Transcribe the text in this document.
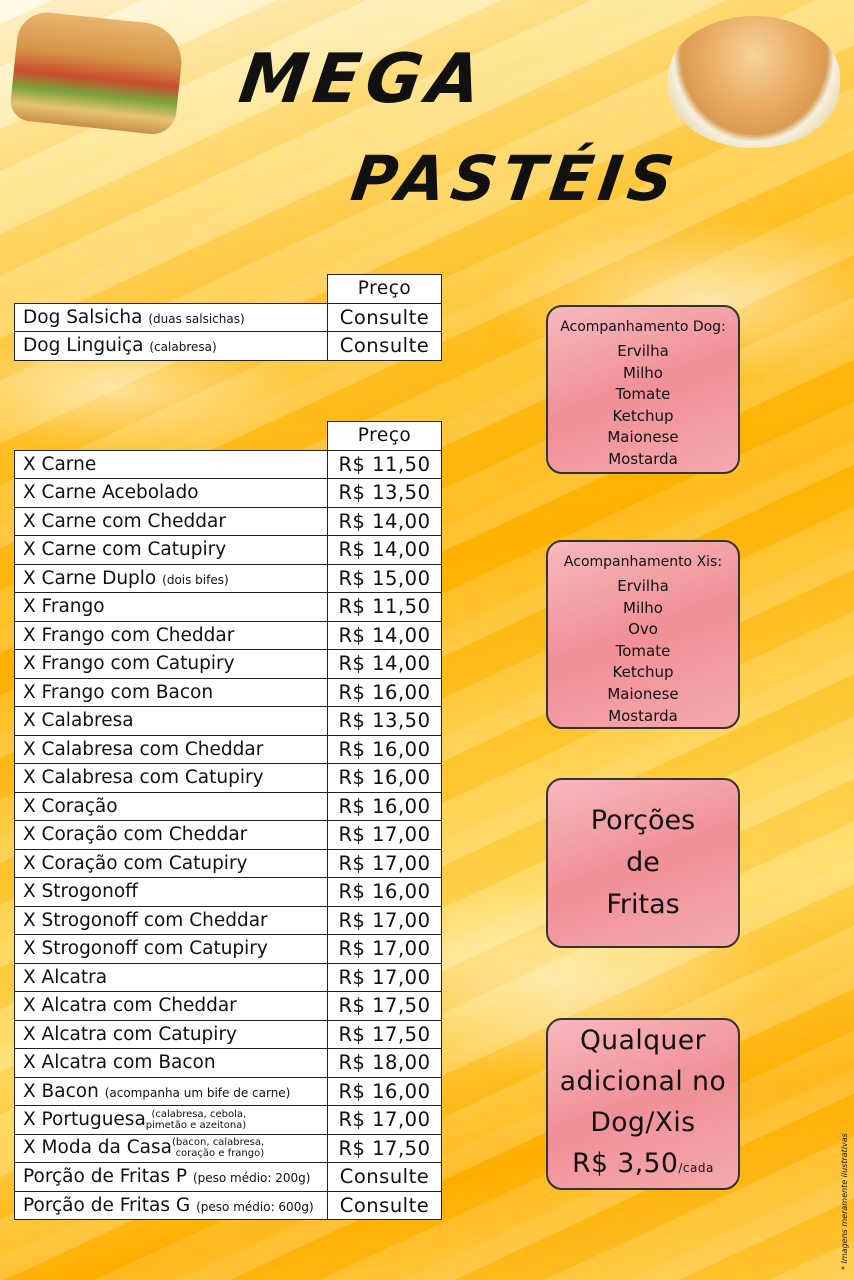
MEGA
PASTÉIS
	Preço
Dog Salsicha (duas salsichas)	Consulte
Dog Linguiça (calabresa)	Consulte
	Preço
X Carne	R$ 11,50
X Carne Acebolado	R$ 13,50
X Carne com Cheddar	R$ 14,00
X Carne com Catupiry	R$ 14,00
X Carne Duplo (dois bifes)	R$ 15,00
X Frango	R$ 11,50
X Frango com Cheddar	R$ 14,00
X Frango com Catupiry	R$ 14,00
X Frango com Bacon	R$ 16,00
X Calabresa	R$ 13,50
X Calabresa com Cheddar	R$ 16,00
X Calabresa com Catupiry	R$ 16,00
X Coração	R$ 16,00
X Coração com Cheddar	R$ 17,00
X Coração com Catupiry	R$ 17,00
X Strogonoff	R$ 16,00
X Strogonoff com Cheddar	R$ 17,00
X Strogonoff com Catupiry	R$ 17,00
X Alcatra	R$ 17,00
X Alcatra com Cheddar	R$ 17,50
X Alcatra com Catupiry	R$ 17,50
X Alcatra com Bacon	R$ 18,00
X Bacon (acompanha um bife de carne)	R$ 16,00
X Portuguesa (calabresa, cebola,
pimetão e azeitona)	R$ 17,00
X Moda da Casa (bacon, calabresa,
coração e frango)	R$ 17,50
Porção de Fritas P (peso médio: 200g)	Consulte
Porção de Fritas G (peso médio: 600g)	Consulte
Acompanhamento Dog:
Ervilha
Milho
Tomate
Ketchup
Maionese
Mostarda
Acompanhamento Xis:
Ervilha
Milho
Ovo
Tomate
Ketchup
Maionese
Mostarda
Porções
de
Fritas
Qualquer
adicional no
Dog/Xis
R$ 3,50/cada	* Imagens meramente ilustrativas
